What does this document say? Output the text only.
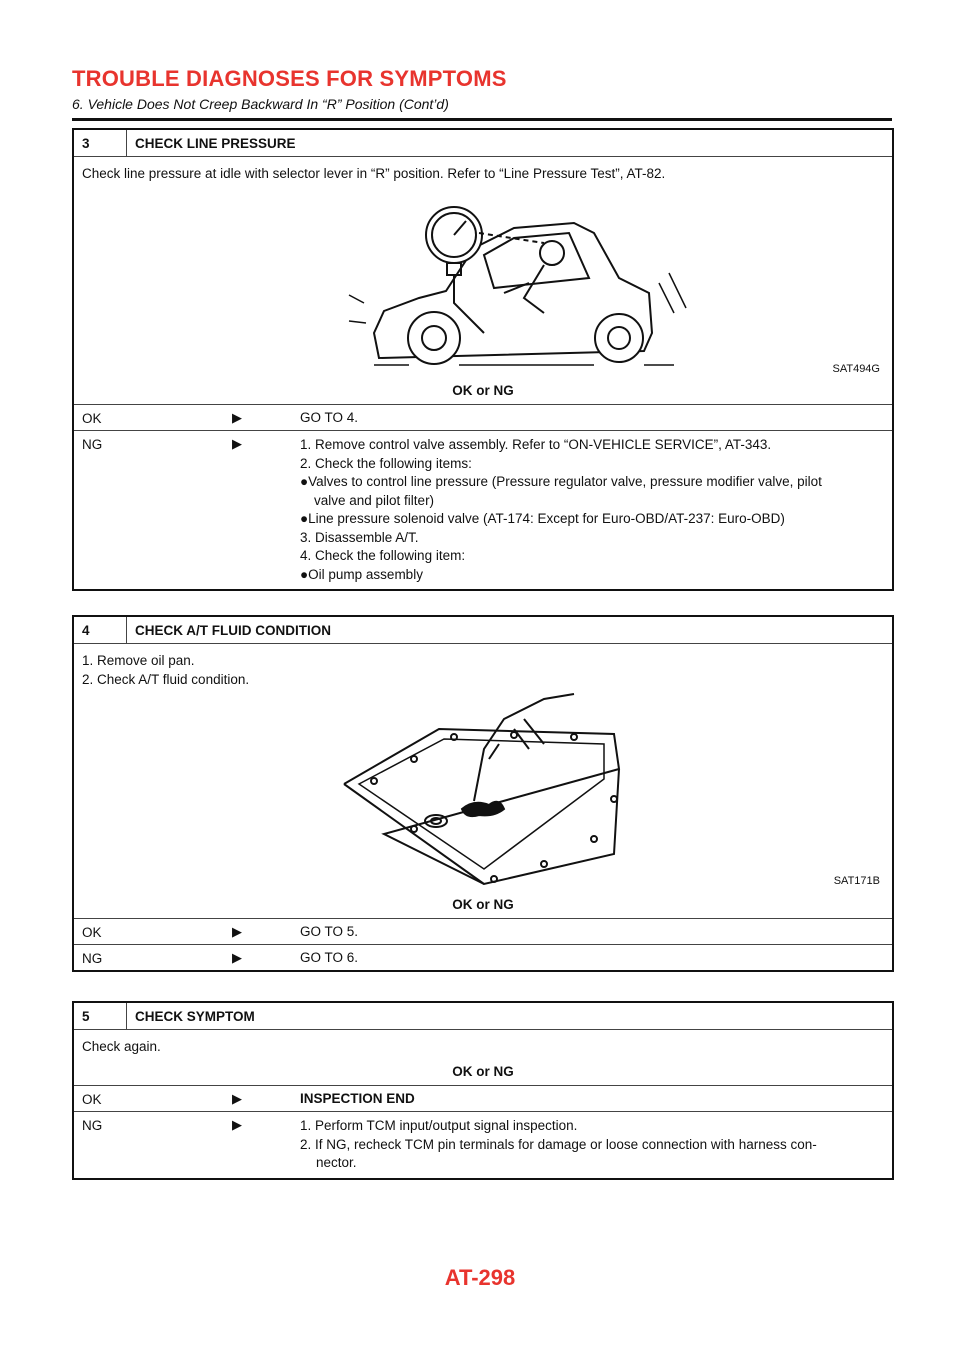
TROUBLE DIAGNOSES FOR SYMPTOMS
6. Vehicle Does Not Creep Backward In “R” Position (Cont’d)
3	CHECK LINE PRESSURE
Check line pressure at idle with selector lever in “R” position. Refer to “Line Pressure Test”, AT-82.
SAT494G
OK or NG
OK	▶	GO TO 4.
NG	▶	1. Remove control valve assembly. Refer to “ON-VEHICLE SERVICE”, AT-343.
2. Check the following items:
●Valves to control line pressure (Pressure regulator valve, pressure modifier valve, pilot
valve and pilot filter)
●Line pressure solenoid valve (AT-174: Except for Euro-OBD/AT-237: Euro-OBD)
3. Disassemble A/T.
4. Check the following item:
●Oil pump assembly
4	CHECK A/T FLUID CONDITION
1. Remove oil pan.
2. Check A/T fluid condition.
SAT171B
OK or NG
OK	▶	GO TO 5.
NG	▶	GO TO 6.
5	CHECK SYMPTOM
Check again.
OK or NG
OK	▶	INSPECTION END
NG	▶	1. Perform TCM input/output signal inspection.
2. If NG, recheck TCM pin terminals for damage or loose connection with harness con-
nector.
AT-298
